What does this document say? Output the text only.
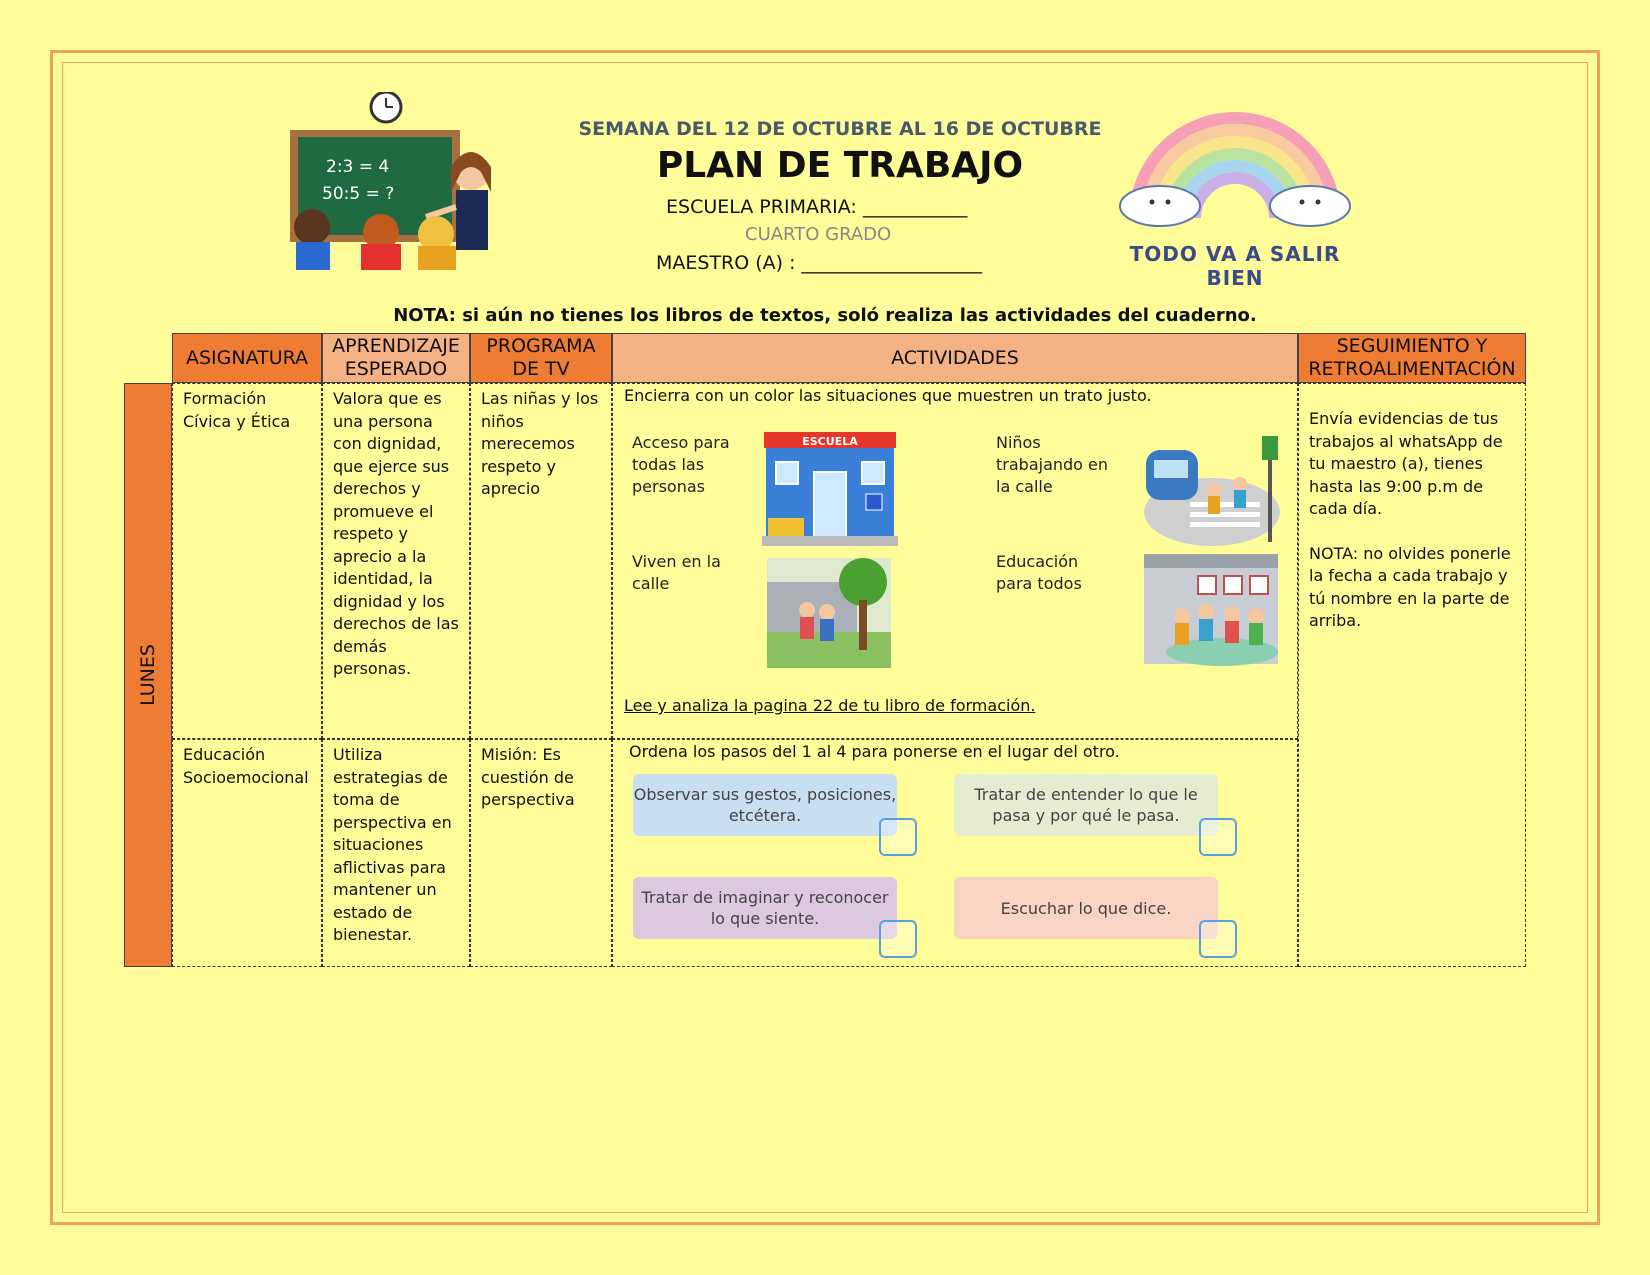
2:3 = 4
50:5 = ?
SEMANA DEL 12 DE OCTUBRE AL 16 DE OCTUBRE
PLAN DE TRABAJO
ESCUELA PRIMARIA: ___________
CUARTO GRADO
MAESTRO (A) : ___________________	TODO VA A SALIR BIEN
NOTA: si aún no tienes los libros de textos, soló realiza las actividades del cuaderno.
ASIGNATURA
APRENDIZAJE ESPERADO
PROGRAMA DE TV
ACTIVIDADES
SEGUIMIENTO Y RETROALIMENTACIÓN
LUNES
Formación Cívica y Ética
Valora que es una persona con dignidad, que ejerce sus derechos y promueve el respeto y aprecio a la identidad, la dignidad y los derechos de las demás personas.
Las niñas y los niños merecemos respeto y aprecio
Educación Socioemocional
Utiliza estrategias de toma de perspectiva en situaciones aflictivas para mantener un estado de bienestar.
Misión: Es cuestión de perspectiva
Envía evidencias de tus trabajos al whatsApp de tu maestro (a), tienes hasta las 9:00 p.m de cada día.
NOTA: no olvides ponerle la fecha a cada trabajo y tú nombre en la parte de arriba.
Encierra con un color las situaciones que muestren un trato justo.
Acceso para todas las personas
ESCUELA	Niños trabajando en la calle
Viven en la calle
Educación para todos
Lee y analiza la pagina 22 de tu libro de formación.
Ordena los pasos del 1 al 4 para ponerse en el lugar del otro.
Observar sus gestos, posiciones, etcétera.
Tratar de entender lo que le pasa y por qué le pasa.
Tratar de imaginar y reconocer lo que siente.
Escuchar lo que dice.
